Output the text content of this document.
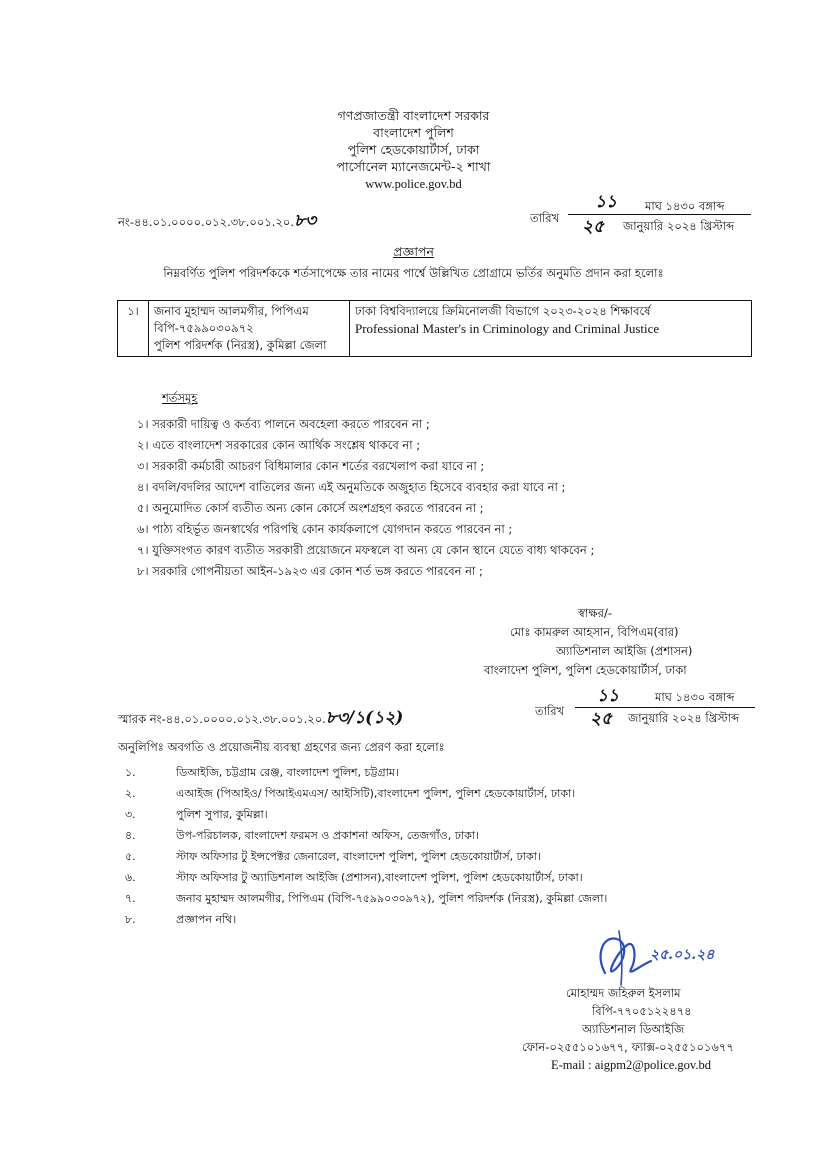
গণপ্রজাতন্ত্রী বাংলাদেশ সরকার
বাংলাদেশ পুলিশ
পুলিশ হেডকোয়ার্টার্স, ঢাকা
পার্সোনেল ম্যানেজমেন্ট-২ শাখা
www.police.gov.bd
নং-৪৪.০১.০০০০.০১২.৩৮.০০১.২০.৮৩	তারিখ
১১ মাঘ ১৪৩০ বঙ্গাব্দ
২৫ জানুয়ারি ২০২৪ খ্রিস্টাব্দ
প্রজ্ঞাপন
নিম্নবর্ণিত পুলিশ পরিদর্শককে শর্তসাপেক্ষে তার নামের পার্শ্বে উল্লিখিত প্রোগ্রামে ভর্তির অনুমতি প্রদান করা হলোঃ
১।	জনাব মুহাম্মদ আলমগীর, পিপিএম
বিপি-৭৫৯৯০৩০৯৭২
পুলিশ পরিদর্শক (নিরস্ত্র), কুমিল্লা জেলা

ঢাকা বিশ্ববিদ্যালয়ে ক্রিমিনোলজী বিভাগে ২০২৩-২০২৪ শিক্ষাবর্ষে
Professional Master's in Criminology and Criminal Justice
শর্তসমূহ
১। সরকারী দায়িত্ব ও কর্তব্য পালনে অবহেলা করতে পারবেন না ;
২। এতে বাংলাদেশ সরকারের কোন আর্থিক সংশ্লেষ থাকবে না ;
৩। সরকারী কর্মচারী আচরণ বিধিমালার কোন শর্তের বরখেলাপ করা যাবে না ;
৪। বদলি/বদলির আদেশ বাতিলের জন্য এই অনুমতিকে অজুহাত হিসেবে ব্যবহার করা যাবে না ;
৫। অনুমোদিত কোর্স ব্যতীত অন্য কোন কোর্সে অংশগ্রহণ করতে পারবেন না ;
৬। পাঠ্য বহির্ভূত জনস্বার্থের পরিপন্থি কোন কার্যকলাপে যোগদান করতে পারবেন না ;
৭। যুক্তিসংগত কারণ ব্যতীত সরকারী প্রয়োজনে মফস্বলে বা অন্য যে কোন স্থানে যেতে বাধ্য থাকবেন ;
৮। সরকারি গোপনীয়তা আইন-১৯২৩ এর কোন শর্ত ভঙ্গ করতে পারবেন না ;
স্বাক্ষর/-
মোঃ কামরুল আহসান, বিপিএম(বার)
অ্যাডিশনাল আইজি (প্রশাসন)
বাংলাদেশ পুলিশ, পুলিশ হেডকোয়ার্টার্স, ঢাকা
স্মারক নং-৪৪.০১.০০০০.০১২.৩৮.০০১.২০.৮৩/১(১২)	তারিখ
১১	মাঘ ১৪৩০ বঙ্গাব্দ
২৫ জানুয়ারি ২০২৪ খ্রিস্টাব্দ
অনুলিপিঃ অবগতি ও প্রয়োজনীয় ব্যবস্থা গ্রহণের জন্য প্রেরণ করা হলোঃ
১.	ডিআইজি, চট্টগ্রাম রেঞ্জ, বাংলাদেশ পুলিশ, চট্টগ্রাম।
২.	এআইজ (পিআইও/ পিআইএমএস/ আইসিটি),বাংলাদেশ পুলিশ, পুলিশ হেডকোয়ার্টার্স, ঢাকা।
৩.	পুলিশ সুপার, কুমিল্লা।
৪.	উপ-পরিচালক, বাংলাদেশ ফরমস ও প্রকাশনা অফিস, তেজগাঁও, ঢাকা।
৫.	স্টাফ অফিসার টু ইন্সপেক্টর জেনারেল, বাংলাদেশ পুলিশ, পুলিশ হেডকোয়ার্টার্স, ঢাকা।
৬.	স্টাফ অফিসার টু অ্যাডিশনাল আইজি (প্রশাসন),বাংলাদেশ পুলিশ, পুলিশ হেডকোয়ার্টার্স, ঢাকা।
৭.	জনাব মুহাম্মদ আলমগীর, পিপিএম (বিপি-৭৫৯৯০৩০৯৭২), পুলিশ পরিদর্শক (নিরস্ত্র), কুমিল্লা জেলা।
৮.	প্রজ্ঞাপন নথি।
২৫.০১.২৪
মোহাম্মদ জহিরুল ইসলাম
বিপি-৭৭০৫১২২৪৭৪
অ্যাডিশনাল ডিআইজি
ফোন-০২৫৫১০১৬৭৭, ফ্যাক্স-০২৫৫১০১৬৭৭
E-mail : aigpm2@police.gov.bd
